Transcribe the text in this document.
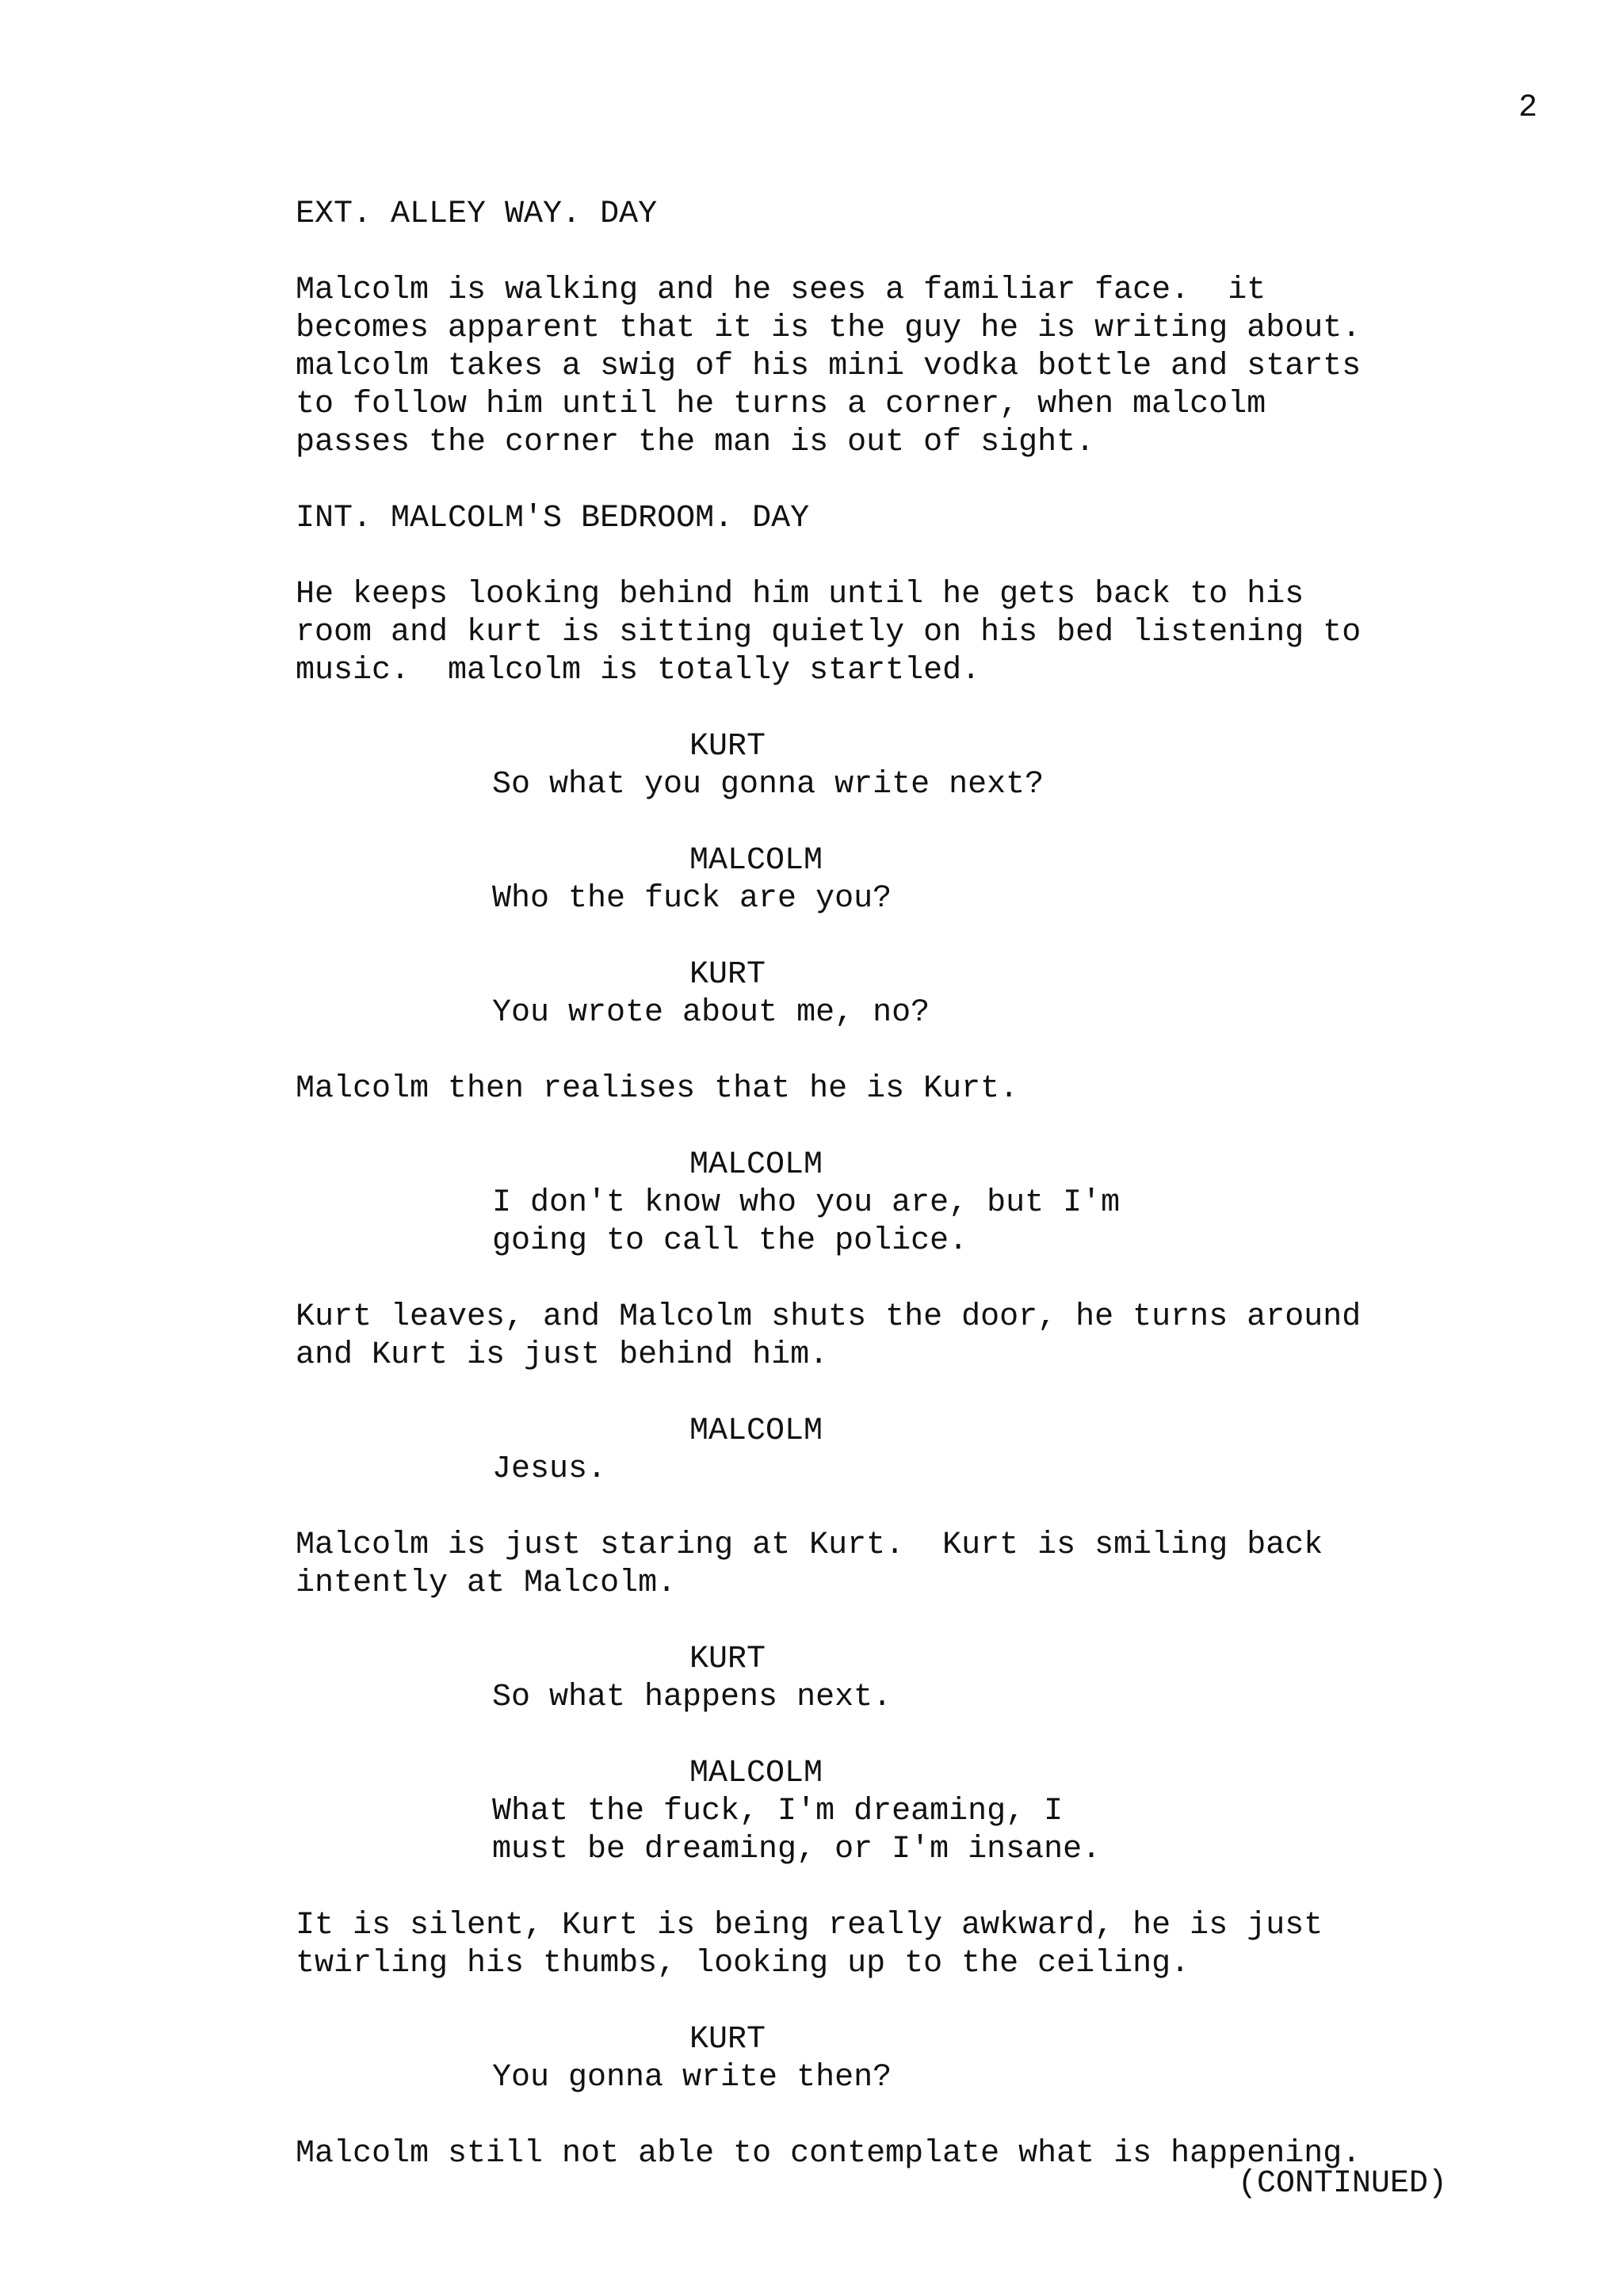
2

EXT. ALLEY WAY. DAY

Malcolm is walking and he sees a familiar face.  it
becomes apparent that it is the guy he is writing about.
malcolm takes a swig of his mini vodka bottle and starts
to follow him until he turns a corner, when malcolm
passes the corner the man is out of sight.

INT. MALCOLM'S BEDROOM. DAY

He keeps looking behind him until he gets back to his
room and kurt is sitting quietly on his bed listening to
music.  malcolm is totally startled.

KURT

So what you gonna write next?

MALCOLM

Who the fuck are you?

KURT

You wrote about me, no?

Malcolm then realises that he is Kurt.

MALCOLM

I don't know who you are, but I'm
going to call the police.

Kurt leaves, and Malcolm shuts the door, he turns around
and Kurt is just behind him.

MALCOLM

Jesus.

Malcolm is just staring at Kurt.  Kurt is smiling back
intently at Malcolm.

KURT

So what happens next.

MALCOLM

What the fuck, I'm dreaming, I
must be dreaming, or I'm insane.

It is silent, Kurt is being really awkward, he is just
twirling his thumbs, looking up to the ceiling.

KURT

You gonna write then?

Malcolm still not able to contemplate what is happening.

(CONTINUED)
